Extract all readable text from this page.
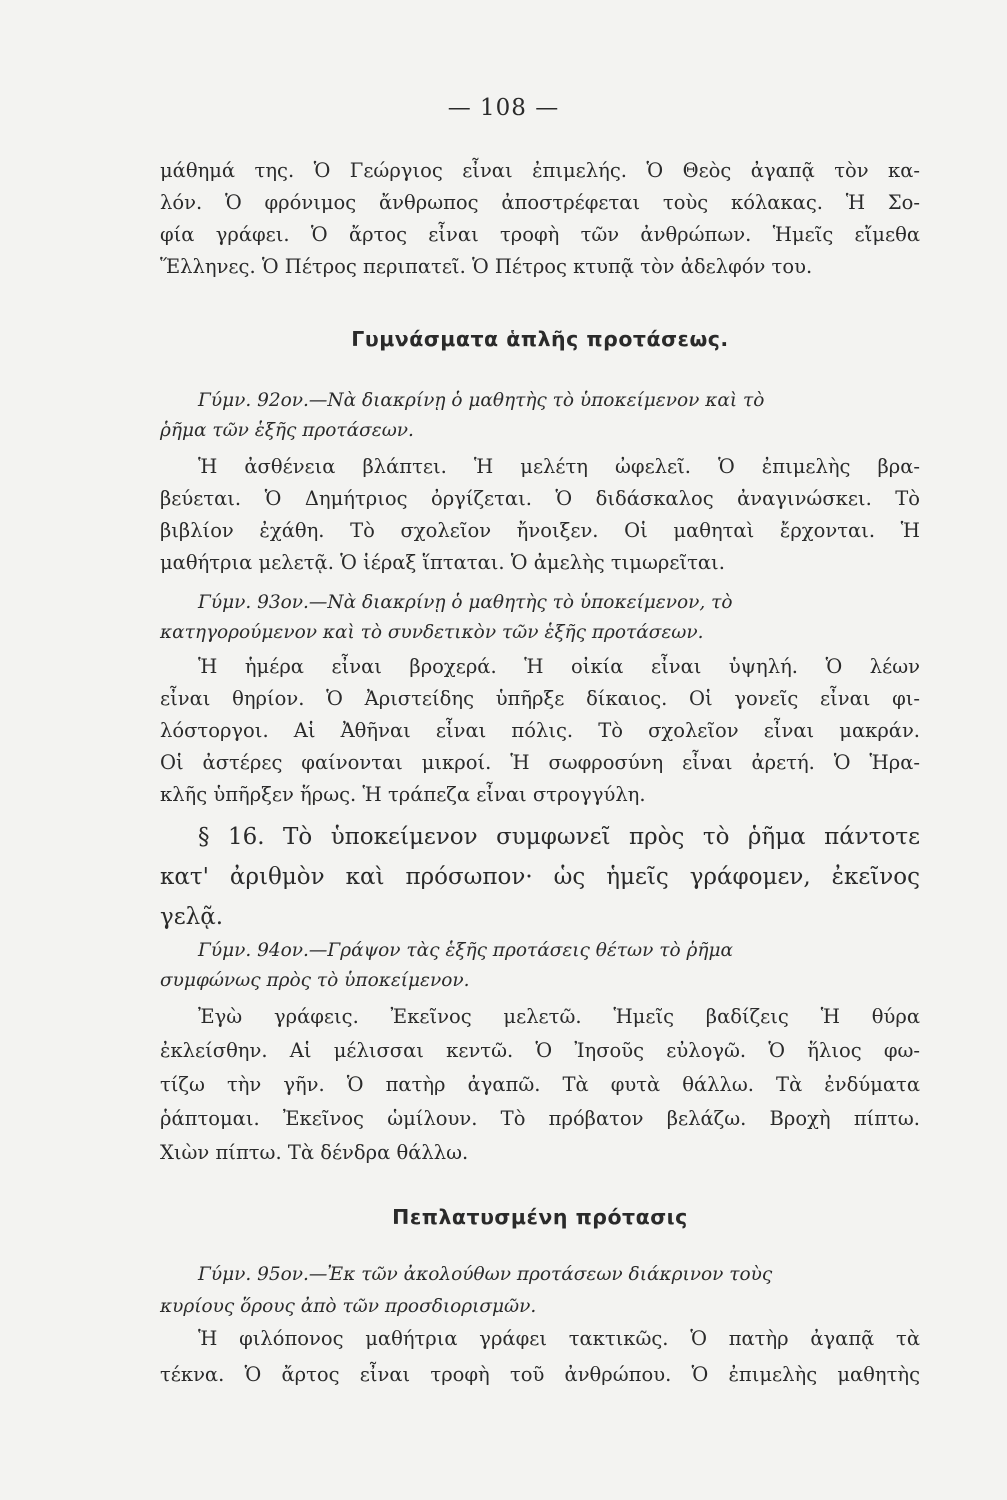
— 108 —
μάθημά της. Ὁ Γεώργιος εἶναι ἐπιμελής. Ὁ Θεὸς ἀγαπᾷ τὸν κα-
λόν. Ὁ φρόνιμος ἄνθρωπος ἀποστρέφεται τοὺς κόλακας. Ἡ Σο-
φία γράφει. Ὁ ἄρτος εἶναι τροφὴ τῶν ἀνθρώπων. Ἡμεῖς εἴμεθα
Ἕλληνες. Ὁ Πέτρος περιπατεῖ. Ὁ Πέτρος κτυπᾷ τὸν ἀδελφόν του.
Γυμνάσματα ἁπλῆς προτάσεως.
Γύμν. 92ον.—Νὰ διακρίνῃ ὁ μαθητὴς τὸ ὑποκείμενον καὶ τὸ
ῥῆμα τῶν ἑξῆς προτάσεων.
Ἡ ἀσθένεια βλάπτει. Ἡ μελέτη ὠφελεῖ. Ὁ ἐπιμελὴς βρα-
βεύεται. Ὁ Δημήτριος ὀργίζεται. Ὁ διδάσκαλος ἀναγινώσκει. Τὸ
βιβλίον ἐχάθη. Τὸ σχολεῖον ἤνοιξεν. Οἱ μαθηταὶ ἔρχονται. Ἡ
μαθήτρια μελετᾷ. Ὁ ἱέραξ ἵπταται. Ὁ ἀμελὴς τιμωρεῖται.
Γύμν. 93ον.—Νὰ διακρίνῃ ὁ μαθητὴς τὸ ὑποκείμενον, τὸ
κατηγορούμενον καὶ τὸ συνδετικὸν τῶν ἑξῆς προτάσεων.
Ἡ ἡμέρα εἶναι βροχερά. Ἡ οἰκία εἶναι ὑψηλή. Ὁ λέων
εἶναι θηρίον. Ὁ Ἀριστείδης ὑπῆρξε δίκαιος. Οἱ γονεῖς εἶναι φι-
λόστοργοι. Αἱ Ἀθῆναι εἶναι πόλις. Τὸ σχολεῖον εἶναι μακράν.
Οἱ ἀστέρες φαίνονται μικροί. Ἡ σωφροσύνη εἶναι ἀρετή. Ὁ Ἡρα-
κλῆς ὑπῆρξεν ἥρως. Ἡ τράπεζα εἶναι στρογγύλη.
§ 16. Τὸ ὑποκείμενον συμφωνεῖ πρὸς τὸ ῥῆμα πάντοτε
κατ' ἀριθμὸν καὶ πρόσωπον· ὡς ἡμεῖς γράφομεν, ἐκεῖνος
γελᾷ.
Γύμν. 94ον.—Γράψον τὰς ἑξῆς προτάσεις θέτων τὸ ῥῆμα
συμφώνως πρὸς τὸ ὑποκείμενον.
Ἐγὼ γράφεις. Ἐκεῖνος μελετῶ. Ἡμεῖς βαδίζεις Ἡ θύρα
ἐκλείσθην. Αἱ μέλισσαι κεντῶ. Ὁ Ἰησοῦς εὐλογῶ. Ὁ ἥλιος φω-
τίζω τὴν γῆν. Ὁ πατὴρ ἀγαπῶ. Τὰ φυτὰ θάλλω. Τὰ ἐνδύματα
ῥάπτομαι. Ἐκεῖνος ὡμίλουν. Τὸ πρόβατον βελάζω. Βροχὴ πίπτω.
Χιὼν πίπτω. Τὰ δένδρα θάλλω.
Πεπλατυσμένη πρότασις
Γύμν. 95ον.—Ἐκ τῶν ἀκολούθων προτάσεων διάκρινον τοὺς
κυρίους ὅρους ἀπὸ τῶν προσδιορισμῶν.
Ἡ φιλόπονος μαθήτρια γράφει τακτικῶς. Ὁ πατὴρ ἀγαπᾷ τὰ
τέκνα. Ὁ ἄρτος εἶναι τροφὴ τοῦ ἀνθρώπου. Ὁ ἐπιμελὴς μαθητὴς
